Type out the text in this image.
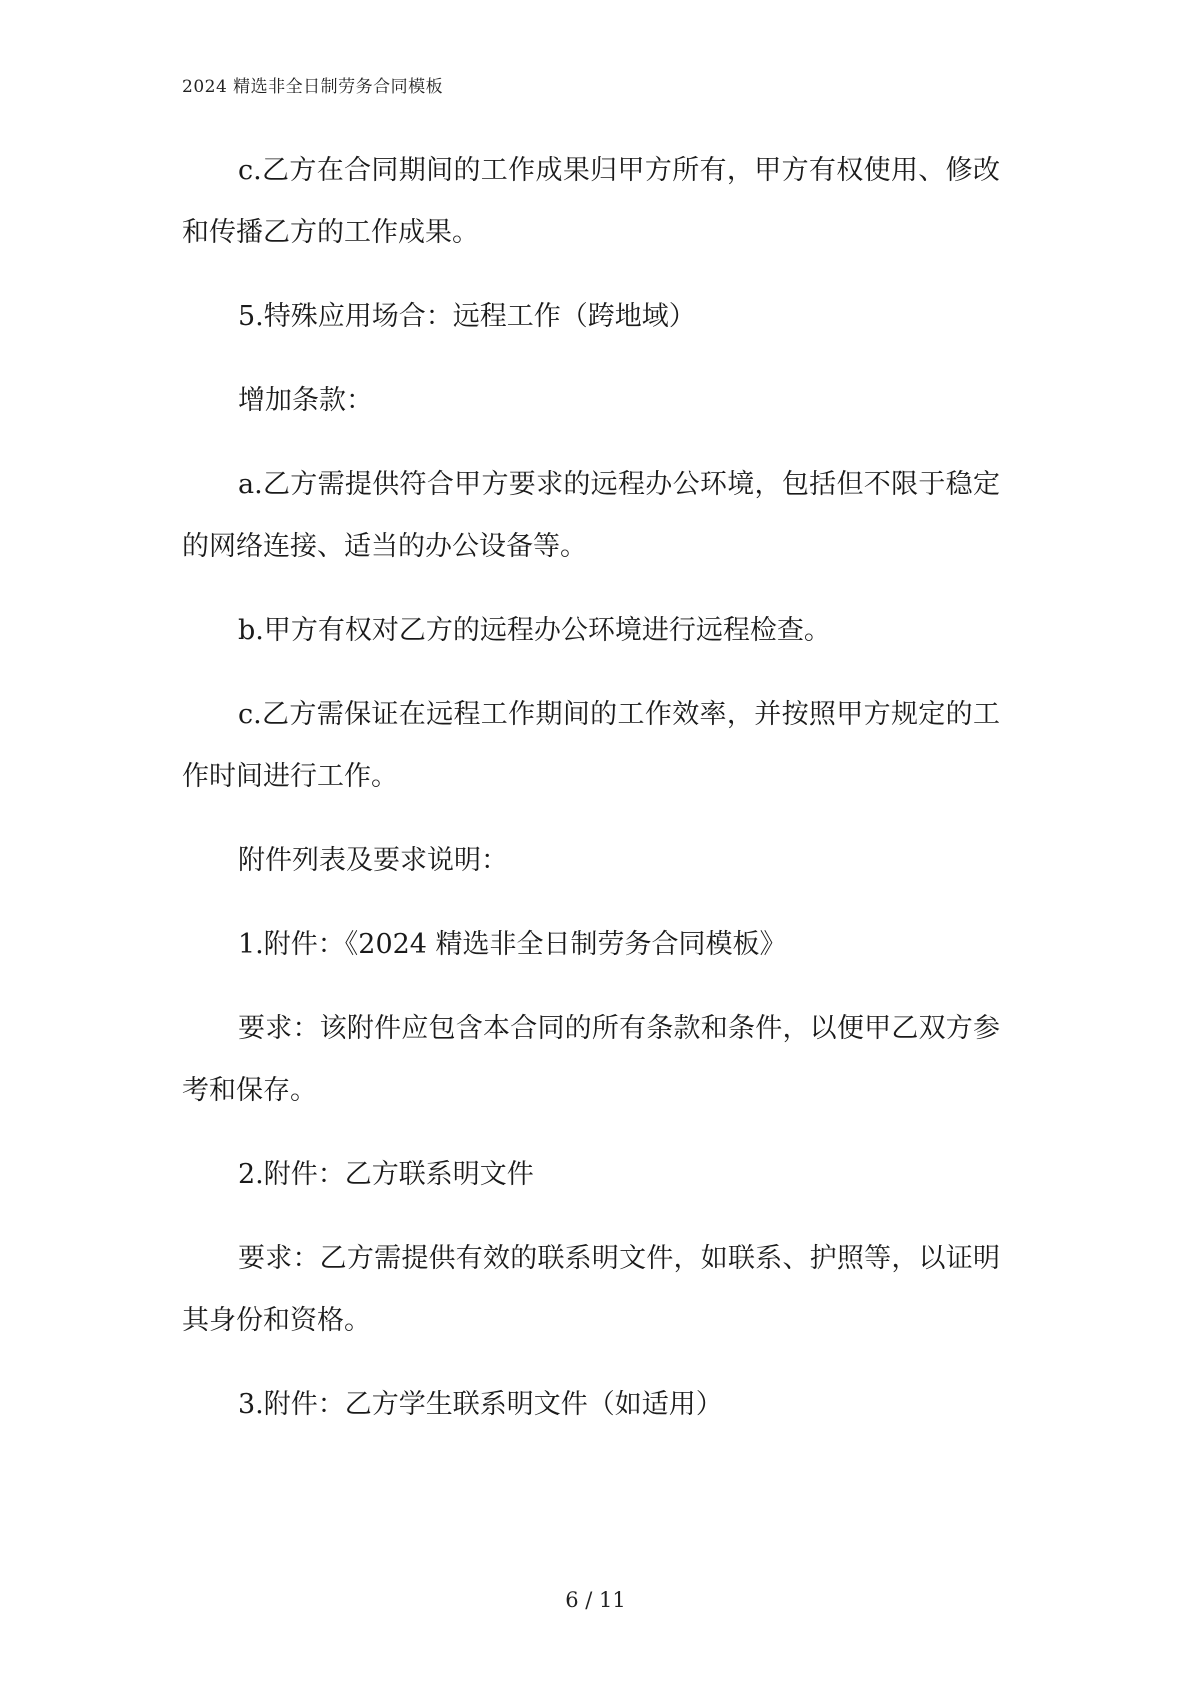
2024 精选非全日制劳务合同模板

c.乙方在合同期间的工作成果归甲方所有，甲方有权使用、修改和传播乙方的工作成果。

5.特殊应用场合：远程工作（跨地域）

增加条款：

a.乙方需提供符合甲方要求的远程办公环境，包括但不限于稳定的网络连接、适当的办公设备等。

b.甲方有权对乙方的远程办公环境进行远程检查。

c.乙方需保证在远程工作期间的工作效率，并按照甲方规定的工作时间进行工作。

附件列表及要求说明：

1.附件：《2024 精选非全日制劳务合同模板》

要求：该附件应包含本合同的所有条款和条件，以便甲乙双方参考和保存。

2.附件：乙方联系明文件

要求：乙方需提供有效的联系明文件，如联系、护照等，以证明其身份和资格。

3.附件：乙方学生联系明文件（如适用）

6 / 11
